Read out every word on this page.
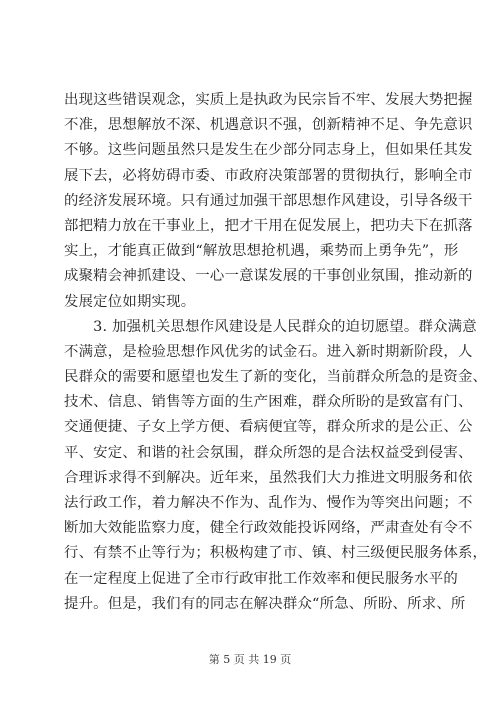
出现这些错误观念，实质上是执政为民宗旨不牢、发展大势把握
不准，思想解放不深、机遇意识不强，创新精神不足、争先意识
不够。这些问题虽然只是发生在少部分同志身上，但如果任其发
展下去，必将妨碍市委、市政府决策部署的贯彻执行，影响全市
的经济发展环境。只有通过加强干部思想作风建设，引导各级干
部把精力放在干事业上，把才干用在促发展上，把功夫下在抓落
实上，才能真正做到“解放思想抢机遇，乘势而上勇争先”，形
成聚精会神抓建设、一心一意谋发展的干事创业氛围，推动新的
发展定位如期实现。
　　3. 加强机关思想作风建设是人民群众的迫切愿望。群众满意
不满意，是检验思想作风优劣的试金石。进入新时期新阶段，人
民群众的需要和愿望也发生了新的变化，当前群众所急的是资金、
技术、信息、销售等方面的生产困难，群众所盼的是致富有门、
交通便捷、子女上学方便、看病便宜等，群众所求的是公正、公
平、安定、和谐的社会氛围，群众所怨的是合法权益受到侵害、
合理诉求得不到解决。近年来，虽然我们大力推进文明服务和依
法行政工作，着力解决不作为、乱作为、慢作为等突出问题；不
断加大效能监察力度，健全行政效能投诉网络，严肃查处有令不
行、有禁不止等行为；积极构建了市、镇、村三级便民服务体系，
在一定程度上促进了全市行政审批工作效率和便民服务水平的
提升。但是，我们有的同志在解决群众“所急、所盼、所求、所
第 5 页 共 19 页
